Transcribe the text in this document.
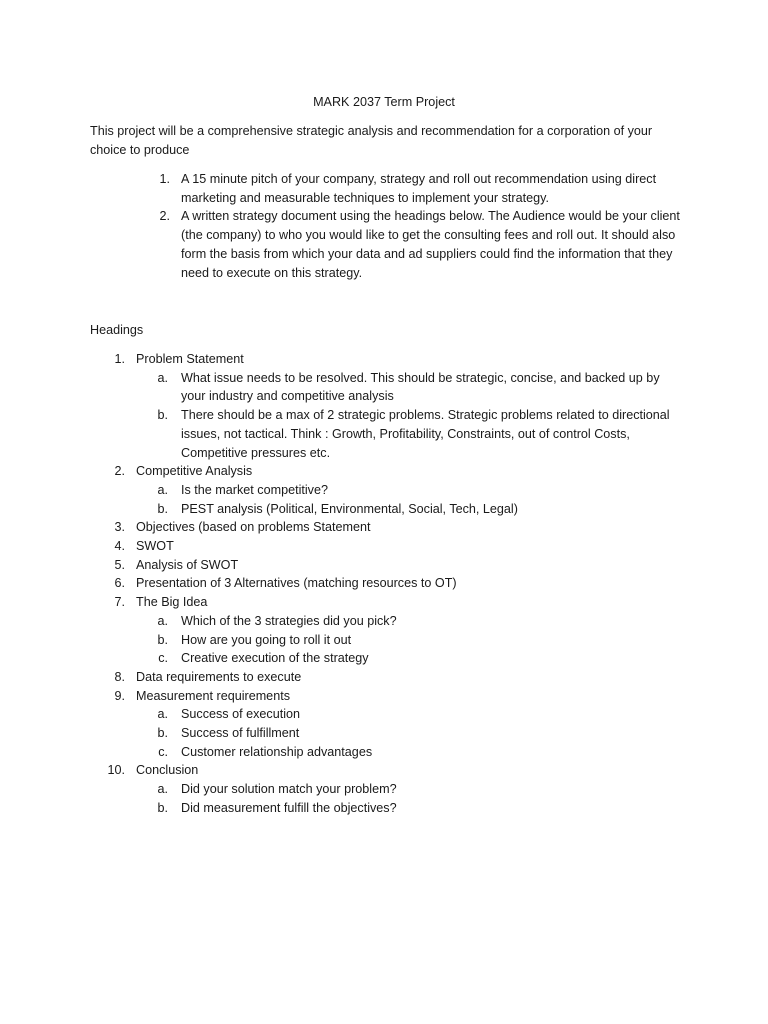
MARK 2037 Term Project
This project will be a comprehensive strategic analysis and recommendation for a corporation of your choice to produce
1. A 15 minute pitch of your company, strategy and roll out recommendation using direct marketing and measurable techniques to implement your strategy.
2. A written strategy document using the headings below. The Audience would be your client (the company) to who you would like to get the consulting fees and roll out. It should also form the basis from which your data and ad suppliers could find the information that they need to execute on this strategy.
Headings
1. Problem Statement
a. What issue needs to be resolved. This should be strategic, concise, and backed up by your industry and competitive analysis
b. There should be a max of 2 strategic problems. Strategic problems related to directional issues, not tactical. Think : Growth, Profitability, Constraints, out of control Costs, Competitive pressures etc.
2. Competitive Analysis
a. Is the market competitive?
b. PEST analysis (Political, Environmental, Social, Tech, Legal)
3. Objectives (based on problems Statement
4. SWOT
5. Analysis of SWOT
6. Presentation of 3 Alternatives (matching resources to OT)
7. The Big Idea
a. Which of the 3 strategies did you pick?
b. How are you going to roll it out
c. Creative execution of the strategy
8. Data requirements to execute
9. Measurement requirements
a. Success of execution
b. Success of fulfillment
c. Customer relationship advantages
10. Conclusion
a. Did your solution match your problem?
b. Did measurement fulfill the objectives?
